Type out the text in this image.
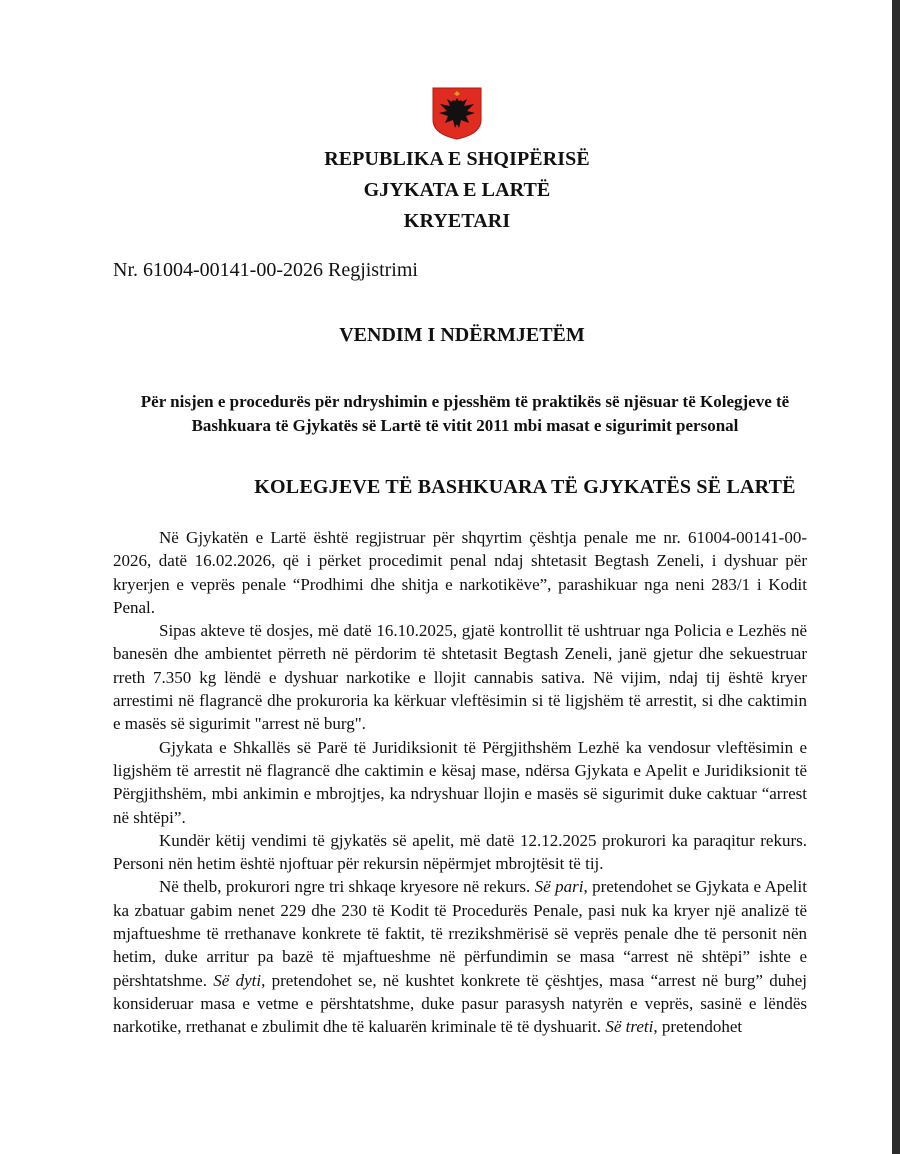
REPUBLIKA E SHQIPËRISË
GJYKATA E LARTË
KRYETARI
Nr. 61004-00141-00-2026 Regjistrimi
VENDIM I NDËRMJETËM
Për nisjen e procedurës për ndryshimin e pjesshëm të praktikës së njësuar të Kolegjeve të
Bashkuara të Gjykatës së Lartë të vitit 2011 mbi masat e sigurimit personal
KOLEGJEVE TË BASHKUARA TË GJYKATËS SË LARTË

Në Gjykatën e Lartë është regjistruar për shqyrtim çështja penale me nr. 61004-00141-00-2026, datë 16.02.2026, që i përket procedimit penal ndaj shtetasit Begtash Zeneli, i dyshuar për kryerjen e veprës penale “Prodhimi dhe shitja e narkotikëve”, parashikuar nga neni 283/1 i Kodit Penal.

Sipas akteve të dosjes, më datë 16.10.2025, gjatë kontrollit të ushtruar nga Policia e Lezhës në banesën dhe ambientet përreth në përdorim të shtetasit Begtash Zeneli, janë gjetur dhe sekuestruar rreth 7.350 kg lëndë e dyshuar narkotike e llojit cannabis sativa. Në vijim, ndaj tij është kryer arrestimi në flagrancë dhe prokuroria ka kërkuar vleftësimin si të ligjshëm të arrestit, si dhe caktimin e masës së sigurimit "arrest në burg".

Gjykata e Shkallës së Parë të Juridiksionit të Përgjithshëm Lezhë ka vendosur vleftësimin e ligjshëm të arrestit në flagrancë dhe caktimin e kësaj mase, ndërsa Gjykata e Apelit e Juridiksionit të Përgjithshëm, mbi ankimin e mbrojtjes, ka ndryshuar llojin e masës së sigurimit duke caktuar “arrest në shtëpi”.

Kundër këtij vendimi të gjykatës së apelit, më datë 12.12.2025 prokurori ka paraqitur rekurs. Personi nën hetim është njoftuar për rekursin nëpërmjet mbrojtësit të tij.

Në thelb, prokurori ngre tri shkaqe kryesore në rekurs. Së pari, pretendohet se Gjykata e Apelit ka zbatuar gabim nenet 229 dhe 230 të Kodit të Procedurës Penale, pasi nuk ka kryer një analizë të mjaftueshme të rrethanave konkrete të faktit, të rrezikshmërisë së veprës penale dhe të personit nën hetim, duke arritur pa bazë të mjaftueshme në përfundimin se masa “arrest në shtëpi” ishte e përshtatshme. Së dyti, pretendohet se, në kushtet konkrete të çështjes, masa “arrest në burg” duhej konsideruar masa e vetme e përshtatshme, duke pasur parasysh natyrën e veprës, sasinë e lëndës narkotike, rrethanat e zbulimit dhe të kaluarën kriminale të të dyshuarit. Së treti, pretendohet
